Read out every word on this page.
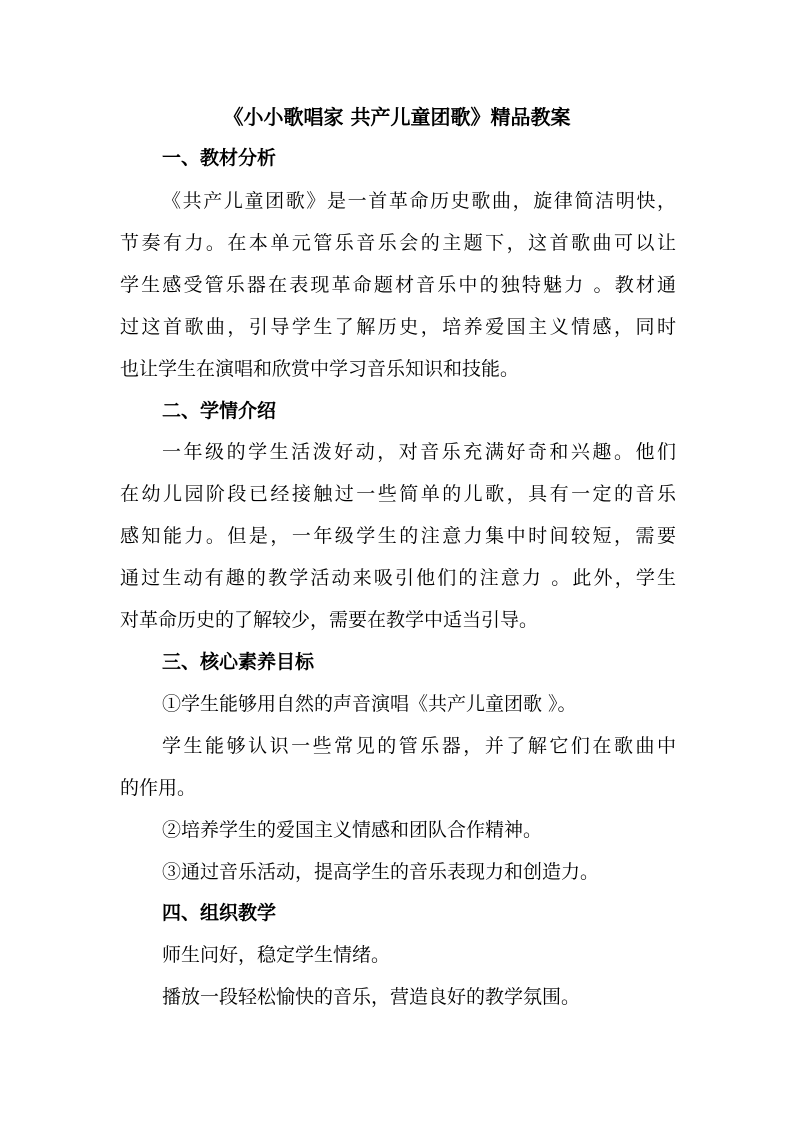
《小小歌唱家 共产儿童团歌》精品教案
一、教材分析
《共产儿童团歌》是一首革命历史歌曲，旋律简洁明快，
节奏有力。在本单元管乐音乐会的主题下，这首歌曲可以让
学生感受管乐器在表现革命题材音乐中的独特魅力 。教材通
过这首歌曲，引导学生了解历史，培养爱国主义情感，同时
也让学生在演唱和欣赏中学习音乐知识和技能。
二、学情介绍
一年级的学生活泼好动，对音乐充满好奇和兴趣。他们
在幼儿园阶段已经接触过一些简单的儿歌，具有一定的音乐
感知能力。但是，一年级学生的注意力集中时间较短，需要
通过生动有趣的教学活动来吸引他们的注意力 。此外，学生
对革命历史的了解较少，需要在教学中适当引导。
三、核心素养目标
①学生能够用自然的声音演唱《共产儿童团歌 》。
学生能够认识一些常见的管乐器，并了解它们在歌曲中
的作用。
②培养学生的爱国主义情感和团队合作精神。
③通过音乐活动，提高学生的音乐表现力和创造力。
四、组织教学
师生问好，稳定学生情绪。
播放一段轻松愉快的音乐，营造良好的教学氛围。
